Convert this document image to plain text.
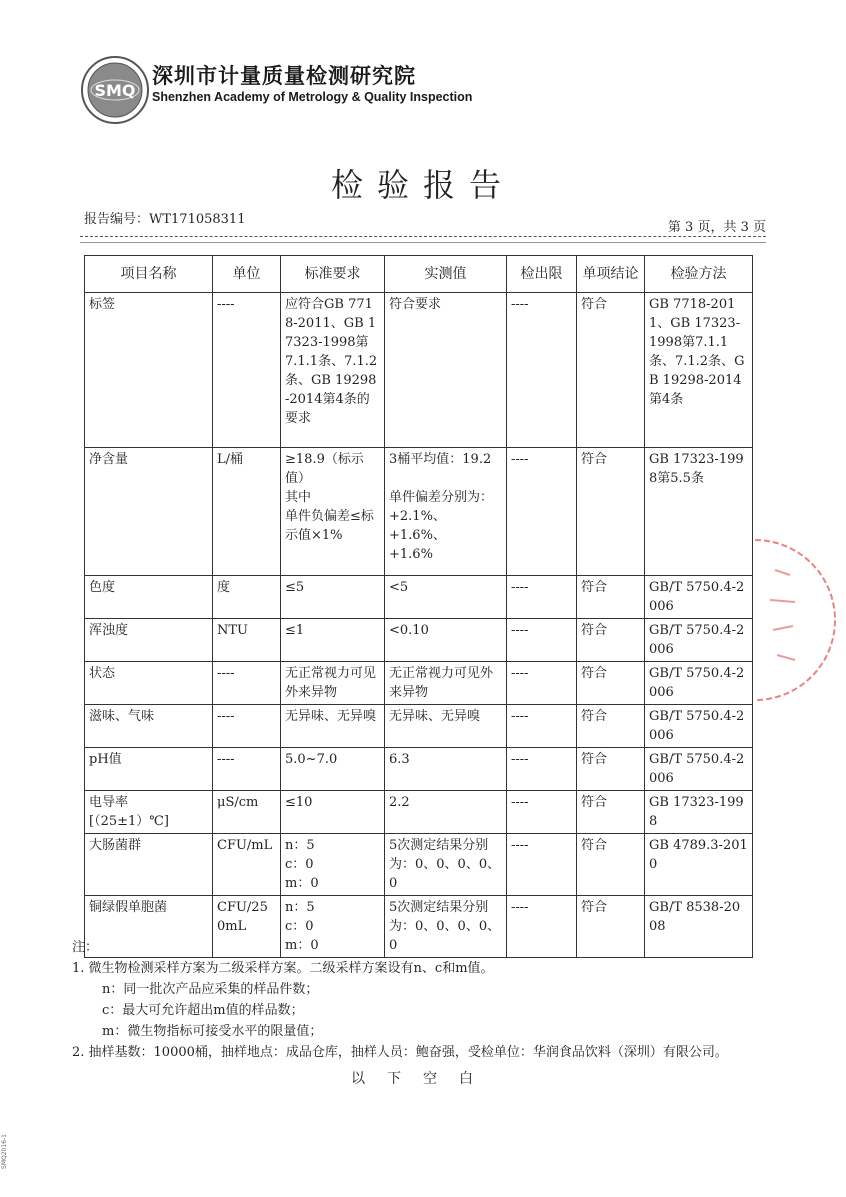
SMQ
深圳市计量质量检测研究院
Shenzhen Academy of Metrology & Quality Inspection
检验报告
报告编号：WT171058311
第 3 页，共 3 页
项目名称	单位	标准要求	实测值	检出限	单项结论	检验方法
标签	----	应符合GB 7718-2011、GB 17323-1998第7.1.1条、7.1.2条、GB 19298-2014第4条的要求	符合要求	----	符合	GB 7718-2011、GB 17323-1998第7.1.1条、7.1.2条、GB 19298-2014第4条
净含量	L/桶	≥18.9（标示值）
其中
单件负偏差≤标示值×1%	3桶平均值：19.2

单件偏差分别为：
+2.1%、
+1.6%、
+1.6%	----	符合	GB 17323-1998第5.5条
色度	度	≤5	<5	----	符合	GB/T 5750.4-2006
浑浊度	NTU	≤1	<0.10	----	符合	GB/T 5750.4-2006
状态	----	无正常视力可见外来异物	无正常视力可见外来异物	----	符合	GB/T 5750.4-2006
滋味、气味	----	无异味、无异嗅	无异味、无异嗅	----	符合	GB/T 5750.4-2006
pH值	----	5.0~7.0	6.3	----	符合	GB/T 5750.4-2006
电导率
[（25±1）℃]	μS/cm	≤10	2.2	----	符合	GB 17323-1998
大肠菌群	CFU/mL	n：5
c：0
m：0	5次测定结果分别为：0、0、0、0、0	----	符合	GB 4789.3-2010
铜绿假单胞菌	CFU/250mL	n：5
c：0
m：0	5次测定结果分别为：0、0、0、0、0	----	符合	GB/T 8538-2008
注：
1. 微生物检测采样方案为二级采样方案。二级采样方案设有n、c和m值。
n：同一批次产品应采集的样品件数；
c：最大可允许超出m值的样品数；
m：微生物指标可接受水平的限量值；
2. 抽样基数：10000桶，抽样地点：成品仓库，抽样人员：鲍奋强，受检单位：华润食品饮料（深圳）有限公司。
以下空白
SMQ2016-1
